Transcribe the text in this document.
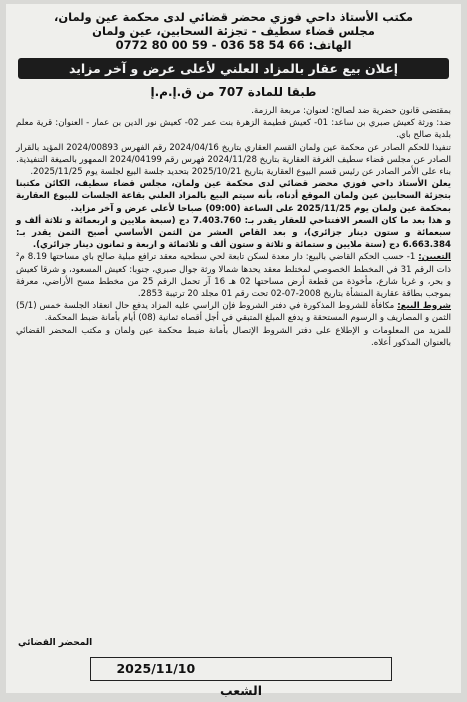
مكتب الأستاذ داحي فوزي محضر قضائي لدى محكمة عين ولمان،
مجلس قضاء سطيف - تجزئة السحابين، عين ولمان
الهاتف: 66 54 58 036 - 59 00 80 0772
إعلان بيع عقار بالمزاد العلني لأعلى عرض و آخر مزايد
طبقا للمادة 707 من ق.إ.م.إ

بمقتضى قانون حضرية ضد لصالح: لعنوان: مربعة الرزمة.

ضد: ورثة كعيش صبري بن ساعد: 01- كعيش فطيمة الزهرة بنت عمر 02- كعيش نور الدين بن عمار - العنوان: قرية معلم بلدية صالح باي.

تنفيذا للحكم الصادر عن محكمة عين ولمان القسم العقاري بتاريخ 2024/04/16 رقم الفهرس 2024/00893 المؤيد بالقرار الصادر عن مجلس قضاء سطيف الغرفة العقارية بتاريخ 2024/11/28 فهرس رقم 2024/04199 الممهور بالصيغة التنفيذية.

بناء على الأمر الصادر عن رئيس قسم البيوع العقارية بتاريخ 2025/10/21 بتحديد جلسة البيع لجلسة يوم 2025/11/25.

يعلن الأستاذ داحي فوزي محضر قضائي لدى محكمة عين ولمان، مجلس قضاء سطيف، الكائن مكتبنا بتجزئة السحابين عين ولمان الموقع أدناه، بأنه سيتم البيع بالمزاد العلني بقاعة الجلسات للبيوع العقارية بمحكمة عين ولمان يوم 2025/11/25 على الساعة (09:00) صباحا لأعلى عرض و آخر مزايد.

و هذا بعد ما كان السعر الافتتاحي للعقار يقدر بـ: 7.403.760 دج (سبعة ملايين و اربعمائة و ثلاثة ألف و سبعمائة و ستون دينار جزائري)، و بعد القاص العشر من الثمن الأساسي أصبح الثمن يقدر بـ: 6.663.384 دج (ستة ملايين و ستمائة و ثلاثة و ستون ألف و ثلاثمائة و اربعة و ثمانون دينار جزائري).

التعيين: 1- حسب الحكم القاضي بالبيع: دار معدة لسكن تابعة لحي سطحيه معقد ترافع مبلية صالح باي مساحتها 8.19 م² ذات الرقم 31 في المخطط الخصوصي لمختلط معقد يحدها شمالا ورثة جوال صبري، جنوبا: كعيش المسعود، و شرقا كعيش و بحر، و غربا شارع، مأخوذة من قطعة أرض مساحتها 02 هـ 16 آر تحمل الرقم 25 من مخطط مسح الأراضي، معرفة بموجب بطاقة عقارية المنشأة بتاريخ 2008-07-02 تحت رقم 01 مجلد 20 ترتيبة 2853.

شروط البيع: مكافأة للشروط المذكورة في دفتر الشروط فإن الراسي عليه المزاد يدفع حال انعقاد الجلسة خمس (5/1) الثمن و المصاريف و الرسوم المستحقة و يدفع المبلغ المتبقي في أجل أقصاه ثمانية (08) أيام بأمانة ضبط المحكمة.

للمزيد من المعلومات و الإطلاع على دفتر الشروط الإتصال بأمانة ضبط محكمة عين ولمان و مكتب المحضر القضائي بالعنوان المذكور أعلاه.

المحضر القضائي
2025/11/10  الشعب
